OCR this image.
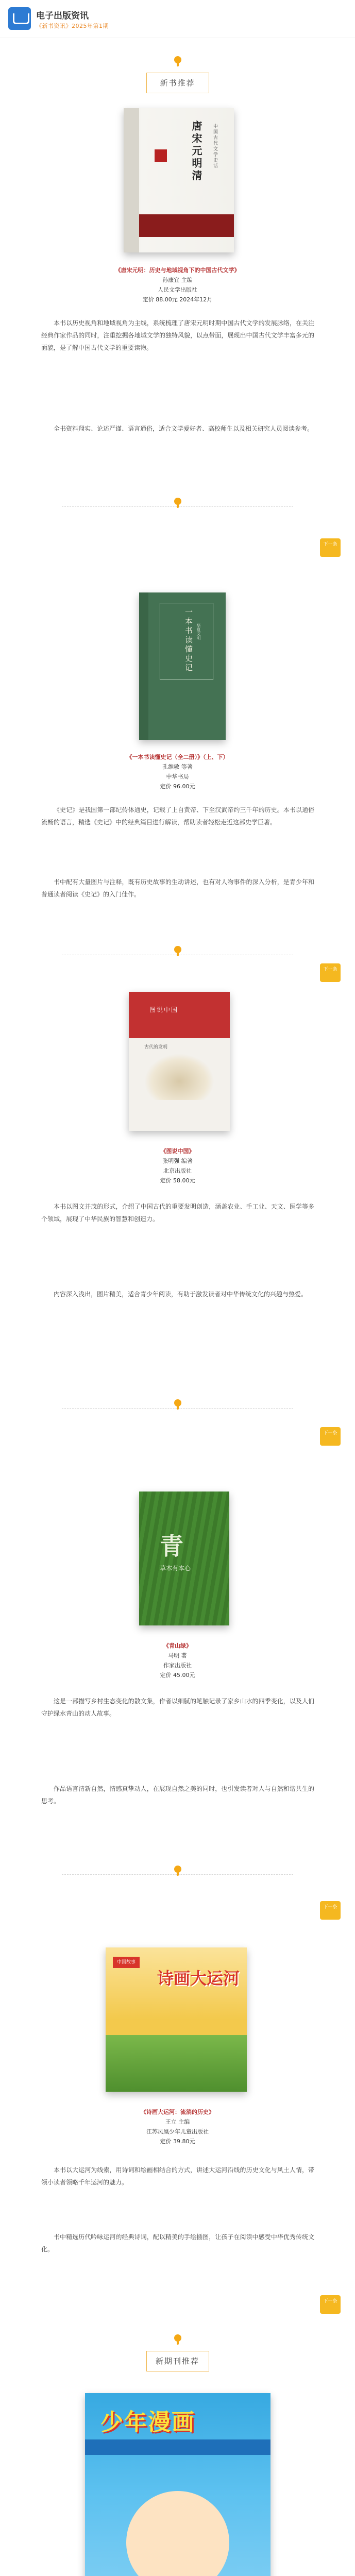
电子出版资讯
《新书资讯》2025年第1期
新书推荐
唐宋元明清	中国古代文学史话
《唐宋元明：历史与地域视角下的中国古代文学》
孙康宜 主编
人民文学出版社
定价 88.00元 2024年12月
本书以历史视角和地域视角为主线，系统梳理了唐宋元明时期中国古代文学的发展脉络，在关注经典作家作品的同时，注重挖掘各地域文学的独特风貌，以点带面，展现出中国古代文学丰富多元的面貌，是了解中国古代文学的重要读物。
全书资料翔实、论述严谨、语言通俗，适合文学爱好者、高校师生以及相关研究人员阅读参考。
下一条
一本书读懂史记 华夏文明
《一本书读懂史记（全二册）》（上、下）
孔维敏 等著
中华书局
定价 96.00元
《史记》是我国第一部纪传体通史，记载了上自黄帝、下至汉武帝约三千年的历史。本书以通俗流畅的语言，精选《史记》中的经典篇目进行解读，帮助读者轻松走近这部史学巨著。
书中配有大量图片与注释，既有历史故事的生动讲述，也有对人物事件的深入分析，是青少年和普通读者阅读《史记》的入门佳作。
下一条
图说中国
古代的发明
《图说中国》
张明强 编著
北京出版社
定价 58.00元
本书以图文并茂的形式，介绍了中国古代的重要发明创造，涵盖农业、手工业、天文、医学等多个领域，展现了中华民族的智慧和创造力。
内容深入浅出，图片精美，适合青少年阅读，有助于激发读者对中华传统文化的兴趣与热爱。
下一条
青
草木有本心
《青山绿》
马明 著
作家出版社
定价 45.00元
这是一部描写乡村生态变化的散文集，作者以细腻的笔触记录了家乡山水的四季变化，以及人们守护绿水青山的动人故事。
作品语言清新自然，情感真挚动人，在展现自然之美的同时，也引发读者对人与自然和谐共生的思考。
下一条
中国故事
诗画大运河
《诗画大运河：流淌的历史》
王立 主编
江苏凤凰少年儿童出版社
定价 39.80元
本书以大运河为线索，用诗词和绘画相结合的方式，讲述大运河沿线的历史文化与风土人情，带领小读者领略千年运河的魅力。
书中精选历代吟咏运河的经典诗词，配以精美的手绘插图，让孩子在阅读中感受中华优秀传统文化。
下一条
新期刊推荐
少年漫画
